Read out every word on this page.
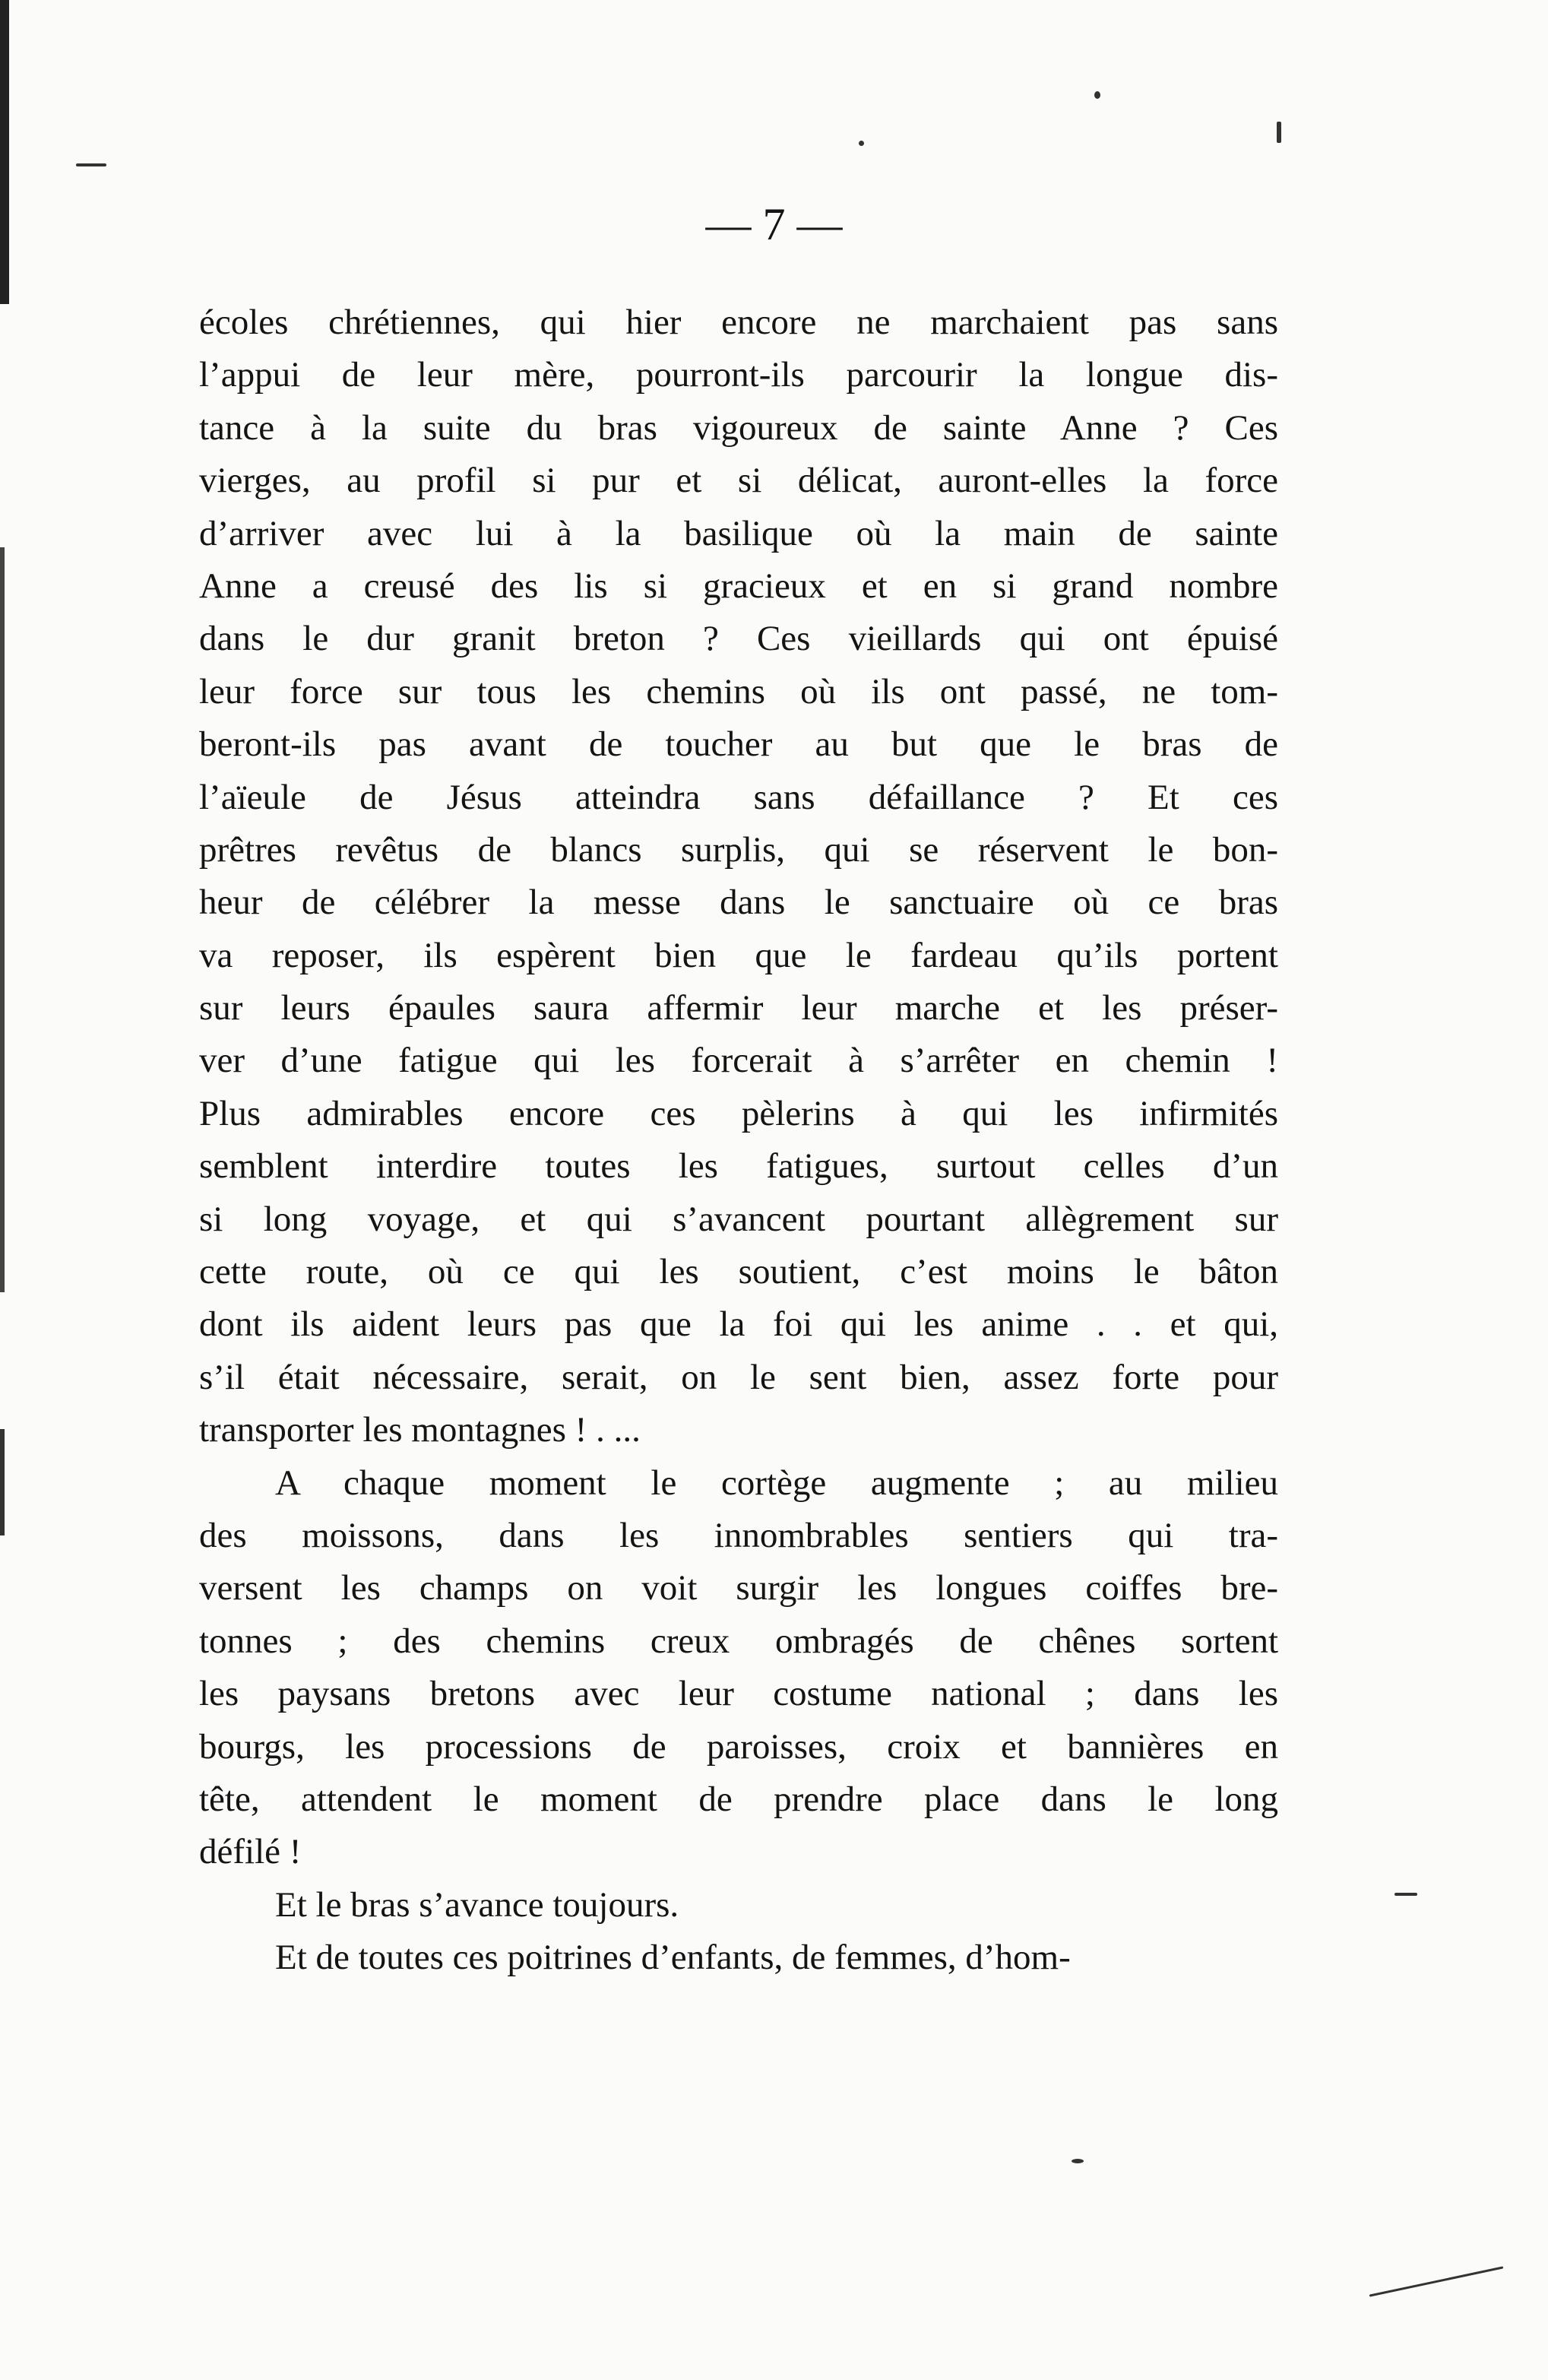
— 7 —
écoles chrétiennes, qui hier encore ne marchaient pas sans
l’appui de leur mère, pourront-ils parcourir la longue dis-
tance à la suite du bras vigoureux de sainte Anne ? Ces
vierges, au profil si pur et si délicat, auront-elles la force
d’arriver avec lui à la basilique où la main de sainte
Anne a creusé des lis si gracieux et en si grand nombre
dans le dur granit breton ? Ces vieillards qui ont épuisé
leur force sur tous les chemins où ils ont passé, ne tom-
beront-ils pas avant de toucher au but que le bras de
l’aïeule de Jésus atteindra sans défaillance ? Et ces
prêtres revêtus de blancs surplis, qui se réservent le bon-
heur de célébrer la messe dans le sanctuaire où ce bras
va reposer, ils espèrent bien que le fardeau qu’ils portent
sur leurs épaules saura affermir leur marche et les préser-
ver d’une fatigue qui les forcerait à s’arrêter en chemin !
Plus admirables encore ces pèlerins à qui les infirmités
semblent interdire toutes les fatigues, surtout celles d’un
si long voyage, et qui s’avancent pourtant allègrement sur
cette route, où ce qui les soutient, c’est moins le bâton
dont ils aident leurs pas que la foi qui les anime . . et qui,
s’il était nécessaire, serait, on le sent bien, assez forte pour
transporter les montagnes ! . ...
A chaque moment le cortège augmente ; au milieu
des moissons, dans les innombrables sentiers qui tra-
versent les champs on voit surgir les longues coiffes bre-
tonnes ; des chemins creux ombragés de chênes sortent
les paysans bretons avec leur costume national ; dans les
bourgs, les processions de paroisses, croix et bannières en
tête, attendent le moment de prendre place dans le long
défilé !
Et le bras s’avance toujours.
Et de toutes ces poitrines d’enfants, de femmes, d’hom-
